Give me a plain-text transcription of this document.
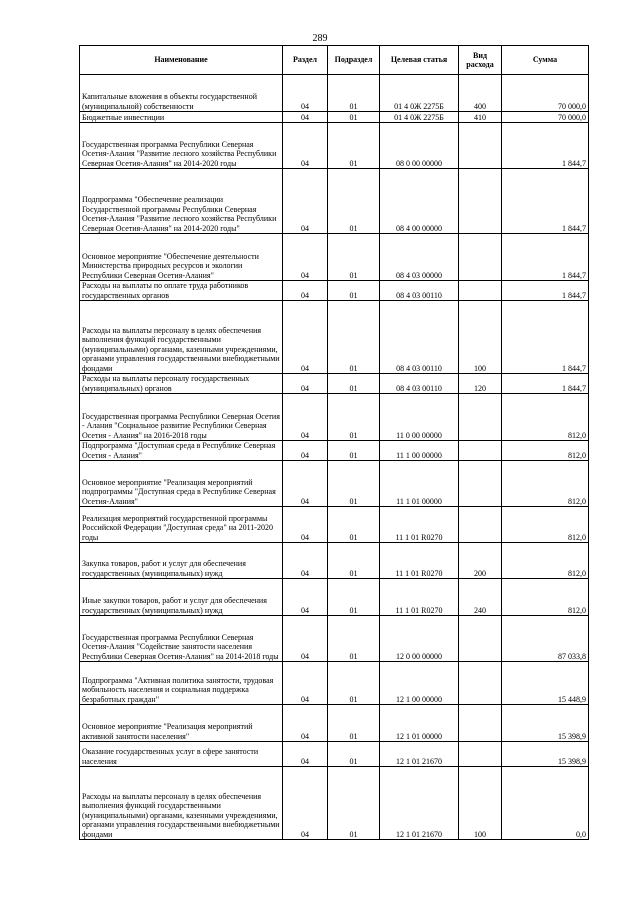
289
Наименование	Раздел	Подраздел	Целевая статья	Вид расхода	Сумма
Капитальные вложения в объекты государственной (муниципальной) собственности	04	01	01 4 0Ж 2275Б	400	70 000,0
Бюджетные инвестиции	04	01	01 4 0Ж 2275Б	410	70 000,0
Государственная программа Республики Северная Осетия-Алания "Развитие лесного хозяйства Республики Северная Осетия-Алания" на 2014-2020 годы	04	01	08 0 00 00000		1 844,7
Подпрограмма "Обеспечение реализации Государственной программы Республики Северная Осетия-Алания "Развитие лесного хозяйства Республики Северная Осетия-Алания" на 2014-2020 годы"	04	01	08 4 00 00000		1 844,7
Основное мероприятие "Обеспечение деятельности Министерства природных ресурсов и экологии Республики Северная Осетия-Алания"	04	01	08 4 03 00000		1 844,7
Расходы на выплаты по оплате труда работников государственных органов	04	01	08 4 03 00110		1 844,7
Расходы на выплаты персоналу в целях обеспечения выполнения функций государственными (муниципальными) органами, казенными учреждениями, органами управления государственными внебюджетными фондами	04	01	08 4 03 00110	100	1 844,7
Расходы на выплаты персоналу государственных (муниципальных) органов	04	01	08 4 03 00110	120	1 844,7
Государственная программа Республики Северная Осетия - Алания "Социальное развитие Республики Северная Осетия - Алания" на 2016-2018 годы	04	01	11 0 00 00000		812,0
Подпрограмма "Доступная среда в Республике Северная Осетия - Алания"	04	01	11 1 00 00000		812,0
Основное мероприятие "Реализация мероприятий подпрограммы "Доступная среда в Республике Северная Осетия-Алания"	04	01	11 1 01 00000		812,0
Реализация мероприятий государственной программы Российской Федерации "Доступная среда" на 2011-2020 годы	04	01	11 1 01 R0270		812,0
Закупка товаров, работ и услуг для обеспечения государственных (муниципальных) нужд	04	01	11 1 01 R0270	200	812,0
Иные закупки товаров, работ и услуг для обеспечения государственных (муниципальных) нужд	04	01	11 1 01 R0270	240	812,0
Государственная программа Республики Северная Осетия-Алания "Содействие занятости населения Республики Северная Осетия-Алания" на 2014-2018 годы	04	01	12 0 00 00000		87 033,8
Подпрограмма "Активная политика занятости, трудовая мобильность населения и социальная поддержка безработных граждан"	04	01	12 1 00 00000		15 448,9
Основное мероприятие "Реализация мероприятий активной занятости населения"	04	01	12 1 01 00000		15 398,9
Оказание государственных услуг в сфере занятости населения	04	01	12 1 01 21670		15 398,9
Расходы на выплаты персоналу в целях обеспечения выполнения функций государственными (муниципальными) органами, казенными учреждениями, органами управления государственными внебюджетными фондами	04	01	12 1 01 21670	100	0,0
